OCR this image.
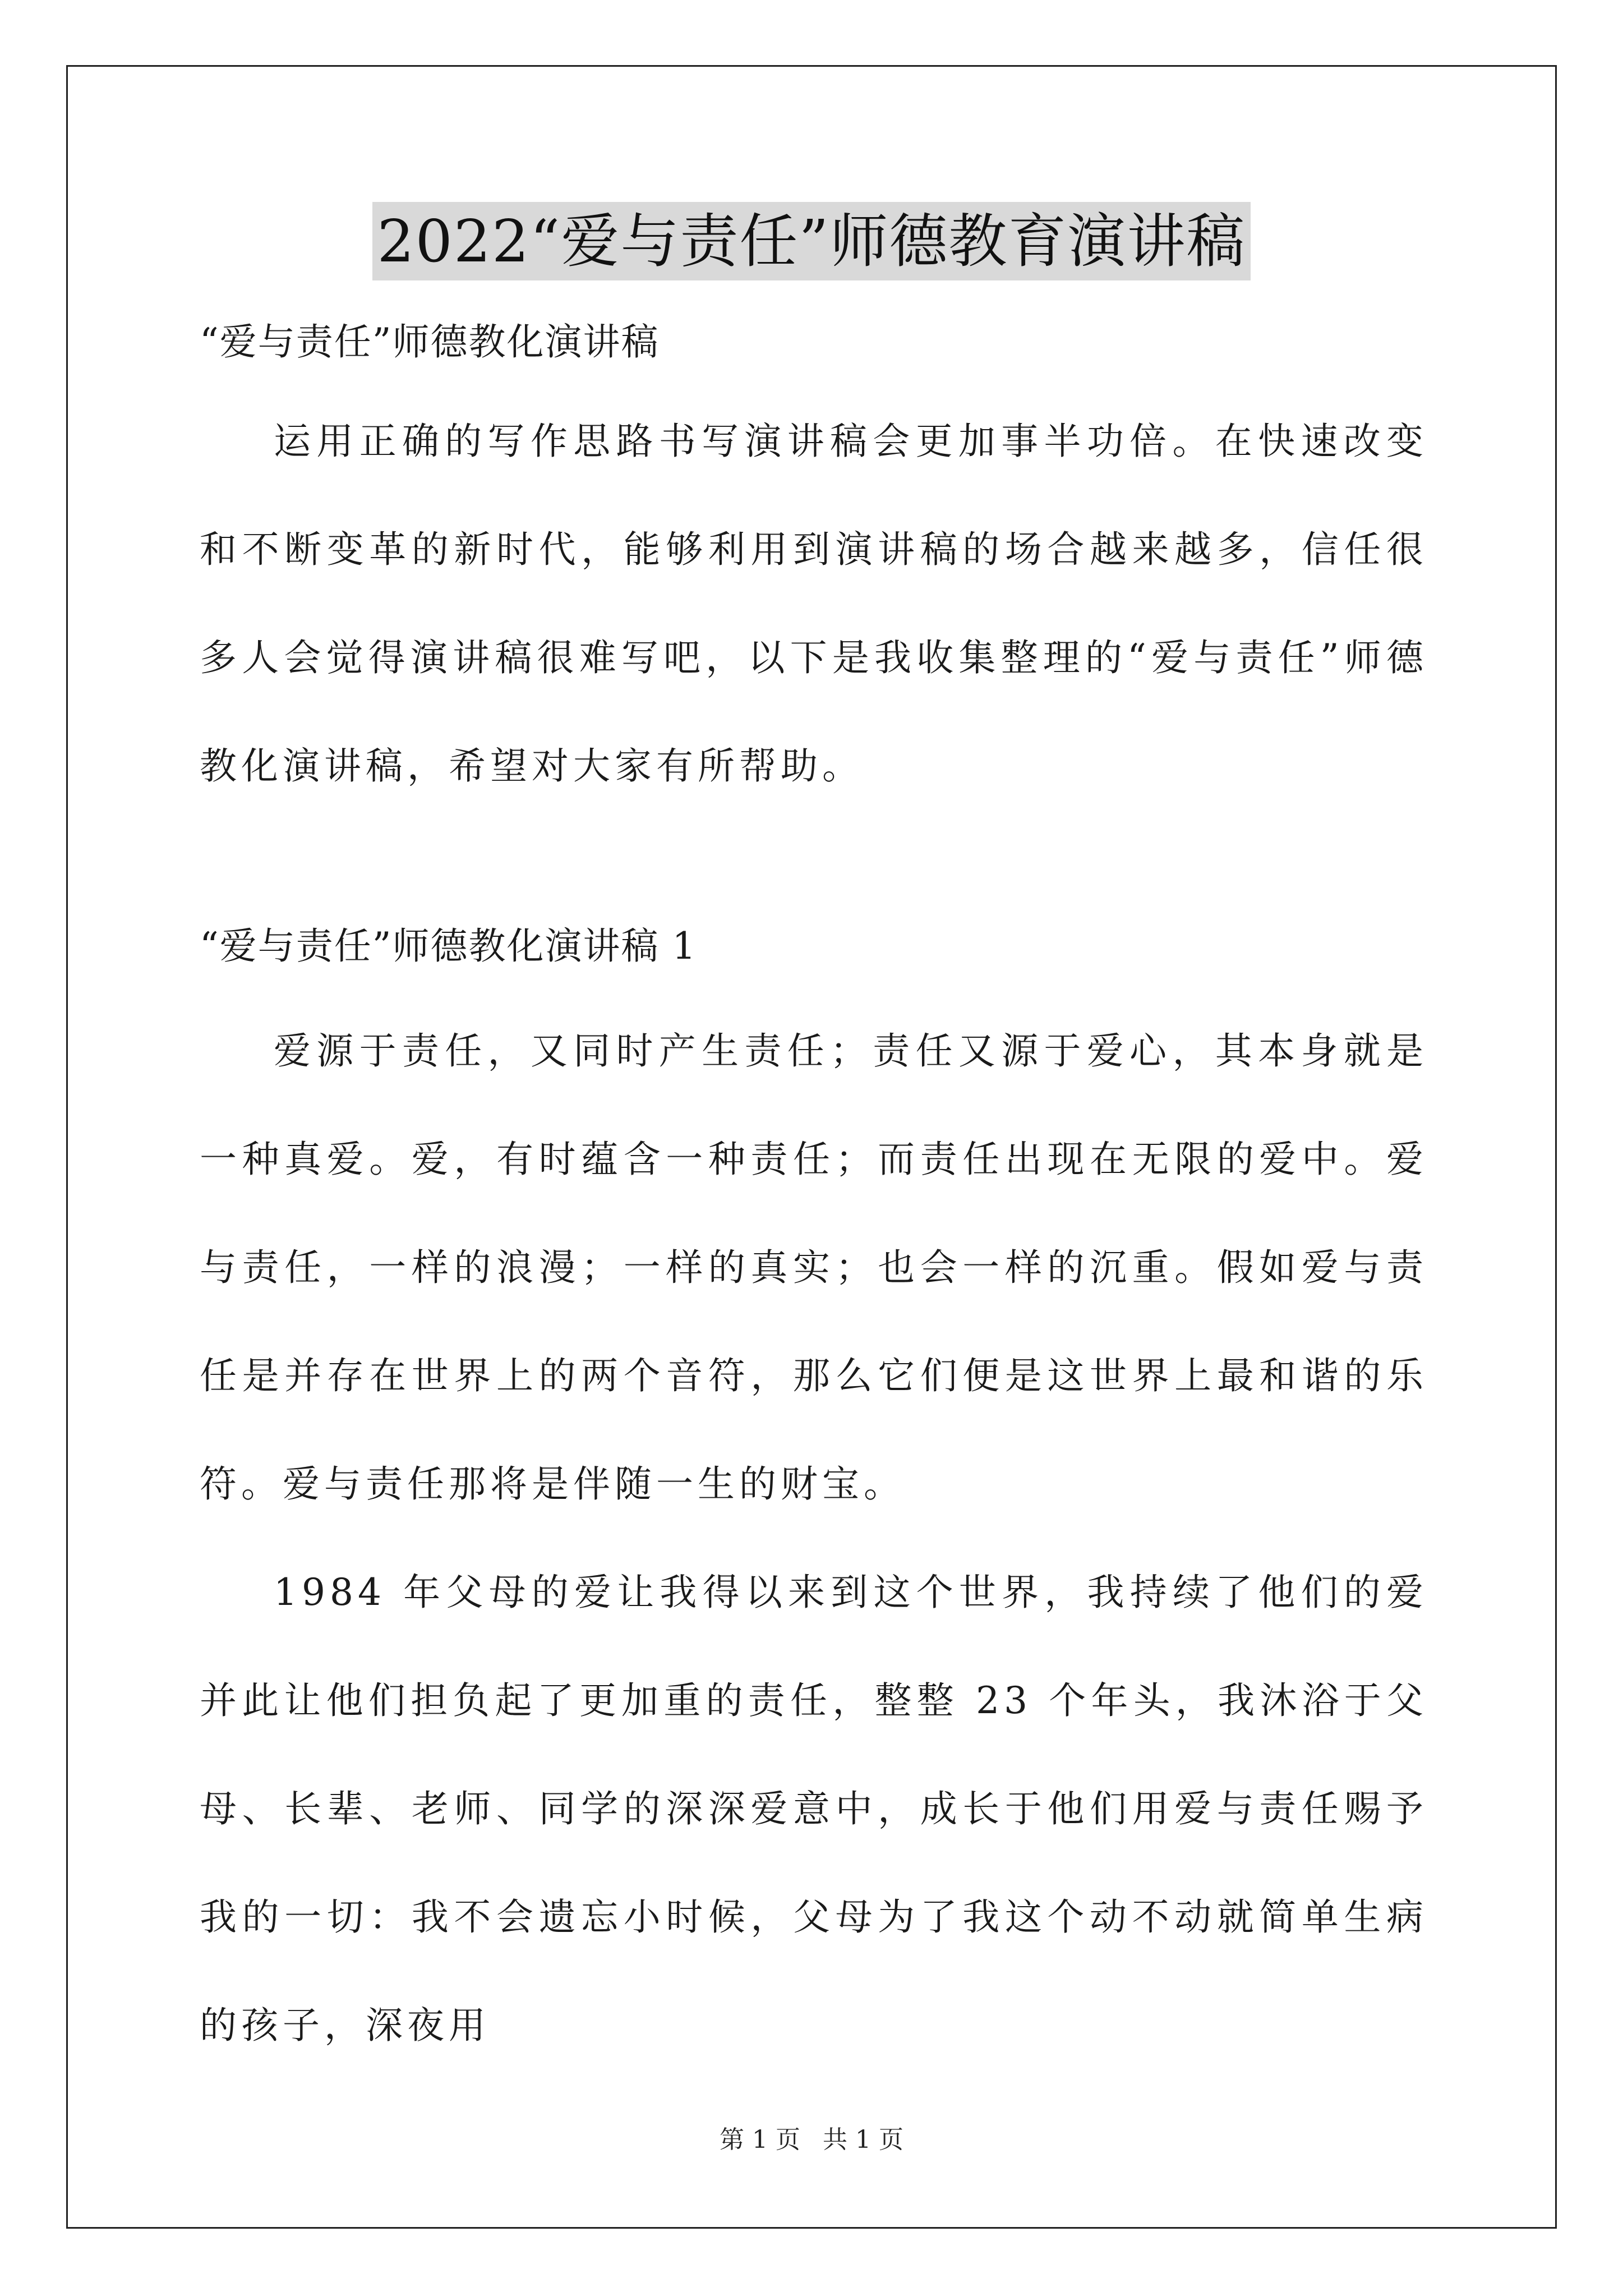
2022“爱与责任”师德教育演讲稿

“爱与责任”师德教化演讲稿

运用正确的写作思路书写演讲稿会更加事半功倍。在快速改变和不断变革的新时代，能够利用到演讲稿的场合越来越多，信任很多人会觉得演讲稿很难写吧，以下是我收集整理的“爱与责任”师德教化演讲稿，希望对大家有所帮助。

“爱与责任”师德教化演讲稿 1

爱源于责任，又同时产生责任；责任又源于爱心，其本身就是一种真爱。爱，有时蕴含一种责任；而责任出现在无限的爱中。爱与责任，一样的浪漫；一样的真实；也会一样的沉重。假如爱与责任是并存在世界上的两个音符，那么它们便是这世界上最和谐的乐符。爱与责任那将是伴随一生的财宝。

1984 年父母的爱让我得以来到这个世界，我持续了他们的爱并此让他们担负起了更加重的责任，整整 23 个年头，我沐浴于父母、长辈、老师、同学的深深爱意中，成长于他们用爱与责任赐予我的一切：我不会遗忘小时候，父母为了我这个动不动就简单生病的孩子，深夜用

第 1 页 共 1 页
